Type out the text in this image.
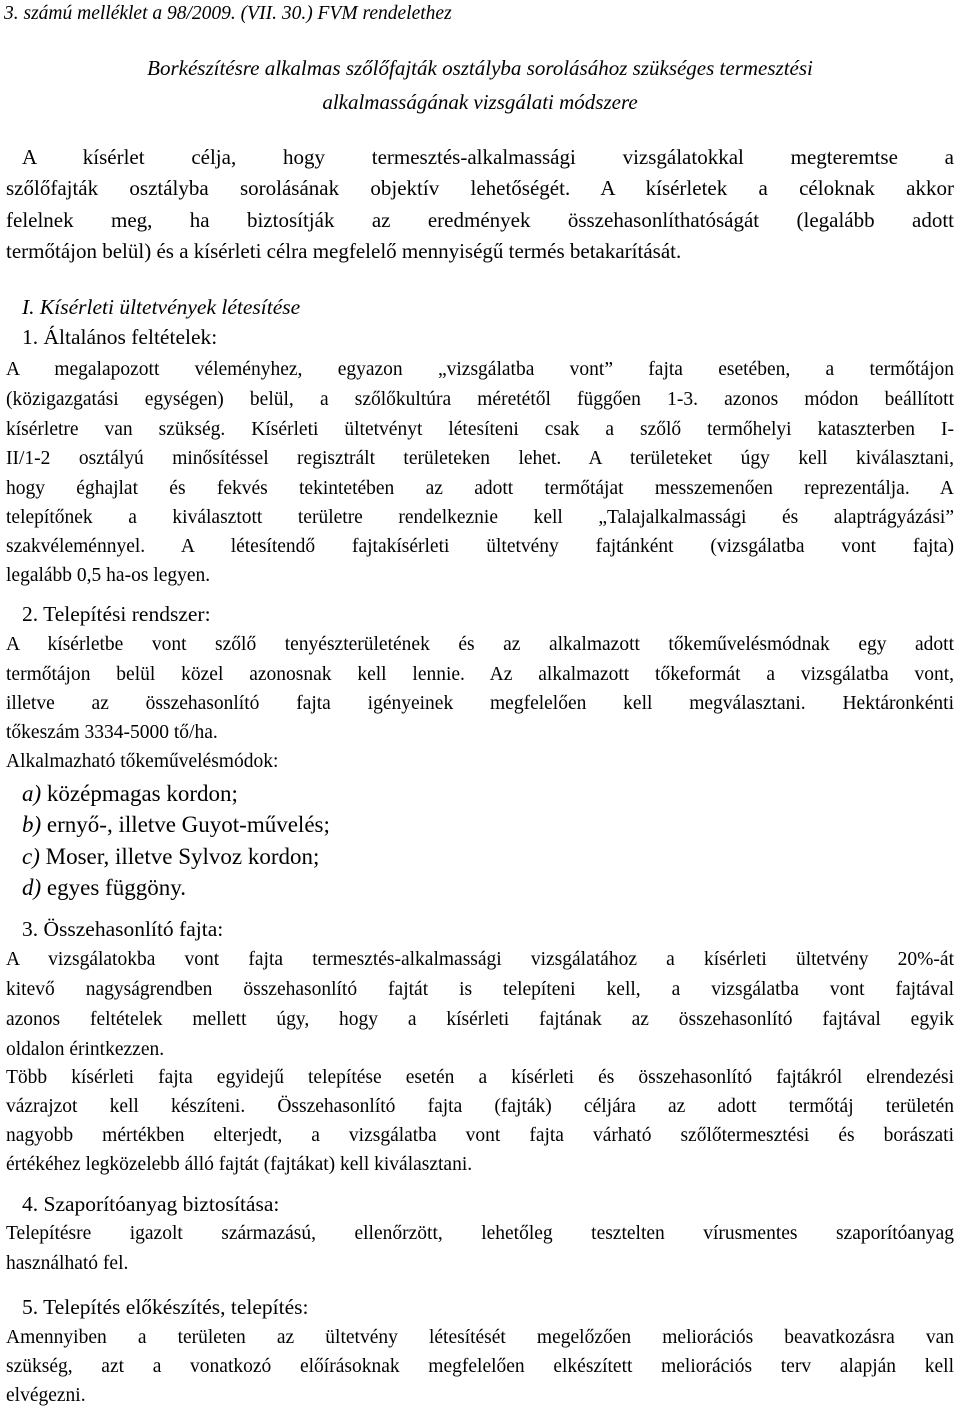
3. számú melléklet a 98/2009. (VII. 30.) FVM rendelethez
Borkészítésre alkalmas szőlőfajták osztályba sorolásához szükséges termesztési
alkalmasságának vizsgálati módszere
A kísérlet célja, hogy termesztés-alkalmassági vizsgálatokkal megteremtse a
szőlőfajták osztályba sorolásának objektív lehetőségét. A kísérletek a céloknak akkor
felelnek meg, ha biztosítják az eredmények összehasonlíthatóságát (legalább adott
termőtájon belül) és a kísérleti célra megfelelő mennyiségű termés betakarítását.
I. Kísérleti ültetvények létesítése
1. Általános feltételek:
A megalapozott véleményhez, egyazon „vizsgálatba vont” fajta esetében, a termőtájon
(közigazgatási egységen) belül, a szőlőkultúra méretétől függően 1-3. azonos módon beállított
kísérletre van szükség. Kísérleti ültetvényt létesíteni csak a szőlő termőhelyi kataszterben I-
II/1-2 osztályú minősítéssel regisztrált területeken lehet. A területeket úgy kell kiválasztani,
hogy éghajlat és fekvés tekintetében az adott termőtájat messzemenően reprezentálja. A
telepítőnek a kiválasztott területre rendelkeznie kell „Talajalkalmassági és alaptrágyázási”
szakvéleménnyel. A létesítendő fajtakísérleti ültetvény fajtánként (vizsgálatba vont fajta)
legalább 0,5 ha-os legyen.
2. Telepítési rendszer:
A kísérletbe vont szőlő tenyészterületének és az alkalmazott tőkeművelésmódnak egy adott
termőtájon belül közel azonosnak kell lennie. Az alkalmazott tőkeformát a vizsgálatba vont,
illetve az összehasonlító fajta igényeinek megfelelően kell megválasztani. Hektáronkénti
tőkeszám 3334-5000 tő/ha.
Alkalmazható tőkeművelésmódok:
a) középmagas kordon;
b) ernyő-, illetve Guyot-művelés;
c) Moser, illetve Sylvoz kordon;
d) egyes függöny.
3. Összehasonlító fajta:
A vizsgálatokba vont fajta termesztés-alkalmassági vizsgálatához a kísérleti ültetvény 20%-át
kitevő nagyságrendben összehasonlító fajtát is telepíteni kell, a vizsgálatba vont fajtával
azonos feltételek mellett úgy, hogy a kísérleti fajtának az összehasonlító fajtával egyik
oldalon érintkezzen.
Több kísérleti fajta egyidejű telepítése esetén a kísérleti és összehasonlító fajtákról elrendezési
vázrajzot kell készíteni. Összehasonlító fajta (fajták) céljára az adott termőtáj területén
nagyobb mértékben elterjedt, a vizsgálatba vont fajta várható szőlőtermesztési és borászati
értékéhez legközelebb álló fajtát (fajtákat) kell kiválasztani.
4. Szaporítóanyag biztosítása:
Telepítésre igazolt származású, ellenőrzött, lehetőleg tesztelten vírusmentes szaporítóanyag
használható fel.
5. Telepítés előkészítés, telepítés:
Amennyiben a területen az ültetvény létesítését megelőzően meliorációs beavatkozásra van
szükség, azt a vonatkozó előírásoknak megfelelően elkészített meliorációs terv alapján kell
elvégezni.
